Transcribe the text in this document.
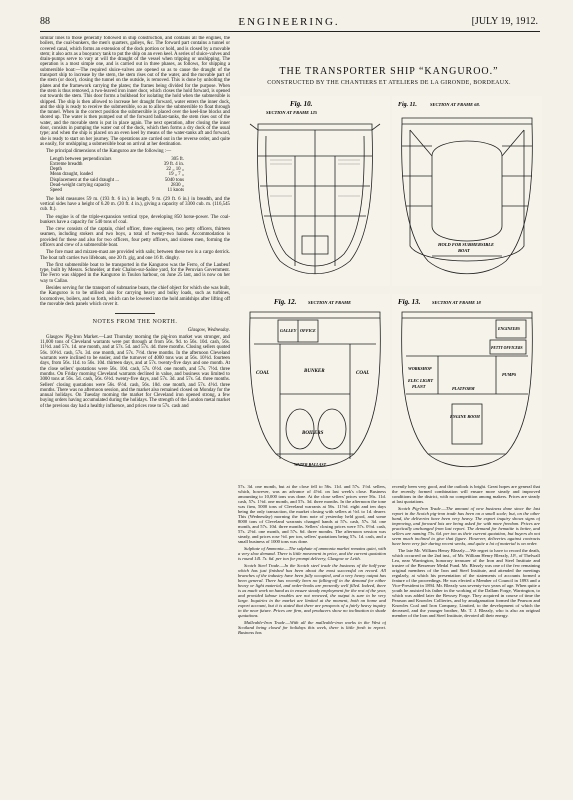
88	ENGINEERING.	[JULY 19, 1912.

similar lines to those generally followed in ship construction, and contains all the engines, the boilers, the coal-bunkers, the men's quarters, galleys, &c. The forward part contains a tunnel or covered canal, which forms an extension of the dock portion or hold, and is closed by a movable stem; it also acts as a buoyancy tank to put the ship on an even keel. A series of sluice-valves and drain-pumps serve to vary at will the draught of the vessel when tripping or unshipping. The operation is a most simple one, and is carried out in three phases, as follows, for shipping a submersible boat:—The required sluice-valves are opened so as to cause the draught of the transport ship to increase by the stern, the stem rises out of the water, and the movable part of the stem (or door), closing the tunnel on the outside, is removed. This is done by unbolting the plates and the framework carrying the plates; the frames being divided for the purpose. When the stem is thus removed, a two-leaved iron inner door, which closes the hold forward, is opened out towards the stem. This door forms a bulkhead for isolating the hold when the submersible is shipped. The ship is then allowed to increase her draught forward, water enters the inner dock, and the ship is ready to receive the submersible, so as to allow the submersible to float through the tunnel. When in the correct position the submersible is placed over the keel-line blocks and shored up. The water is then pumped out of the forward ballast-tanks, the stem rises out of the water, and the movable stem is put in place again. The next operation, after closing the inner door, consists in pumping the water out of the dock, which then forms a dry dock of the usual type; and when the ship is placed on an even keel by means of the water-tanks aft and forward, she is ready to start on her journey. The operations are carried out in the reverse order, and quite as easily, for unshipping a submersible boat on arrival at her destination.

The principal dimensions of the Kanguroo are the following :—

Length between perpendiculars	305 ft.
Extreme breadth	39 ft. 4 in.
Depth	22 „ 10 „
Mean draught, loaded	19 „ 7 „
Displacement at the said draught ...	5040 tons
Dead-weight carrying capacity	2830 „
Speed	11 knots

The hold measures 59 m. (193 ft. 6 in.) in length, 9 m. (29 ft. 6 in.) in breadth, and the vertical sides have a height of 6.20 m. (20 ft. 4 in.), giving a capacity of 3300 cub. m. (116,545 cub. ft.).

The engine is of the triple-expansion vertical type, developing 850 horse-power. The coal-bunkers have a capacity for 540 tons of coal.

The crew consists of the captain, chief officer, three engineers, two petty officers, thirteen seamen, including stokers and two boys, a total of twenty-two hands. Accommodation is provided for these and also for two officers, four petty officers, and sixteen men, forming the officers and crew of a submersible boat.

The fore mast and mizzen-mast are provided with sails; between these two is a cargo derrick. The boat raft carries two lifeboats, one 20 ft. gig, and one 16 ft. dinghy.

The first submersible boat to be transported in the Kanguroo was the Ferro, of the Laubeuf type, built by Messrs. Schneider, at their Chalon-sur-Saône yard, for the Peruvian Government. The Ferro was shipped in the Kanguroo in Toulon harbour, on June 25 last, and is now on her way to Callao.

Besides serving for the transport of submarine boats, the chief object for which she was built, the Kanguroo is to be utilised also for carrying heavy and bulky loads, such as turbines, locomotives, boilers, and so forth, which can be lowered into the hold amidships after lifting off the movable deck panels which cover it.

NOTES FROM THE NORTH.

Glasgow, Wednesday.

Glasgow Pig-Iron Market.—Last Thursday morning the pig-iron market was stronger, and 11,000 tons of Cleveland warrants were put through at from 56s. 9d. to 56s. 10d. cash, 56s. 11½d. and 57s. 1d. one month, and at 57s. 5d. and 57s. 4d. three months. Closing sellers quoted 56s. 10½d. cash, 57s. 3d. one month, and 57s. 7½d. three months. In the afternoon Cleveland warrants were inclined to be easier, and the turnover of 4000 tons was at 56s. 10½d. fourteen days, from 56s. 11d. to 56s. 10d. thirteen days, and at 57s. twenty-five days and one month. At the close sellers' quotations were 56s. 10d. cash, 57s. 0½d. one month, and 57s. 7½d. three months. On Friday morning Cleveland warrants declined in value, and business was limited to 3000 tons at 56s. 5d. cash, 56s. 6½d. twenty-five days, and 57s. 3d. and 57s. 5d. three months. Sellers' closing quotations were 56s. 6½d. cash, 56s. 10d. one month, and 57s. 4½d. three months. There was no afternoon session, and the market also remained closed on Monday for the annual holidays. On Tuesday morning the market for Cleveland iron opened strong, a few buying orders having accumulated during the holidays. The strength of the London metal market of the previous day had a healthy influence, and prices rose to 57s. cash and

THE TRANSPORTER SHIP “KANGUROO.”
CONSTRUCTED BY THE CHANTIERS ET ATELIERS DE LA GIRONDE, BORDEAUX.
Fig. 10.
SECTION AT FRAME 125
Fig. 11.	SECTION AT FRAME 68.
HOLD FOR SUBMERSIBLE
BOAT
Fig. 12.	SECTION AT FRAME
GALLEY OFFICE
COAL	BUNKER	COAL
BOILERS
WATER BALLAST
Fig. 13.	SECTION AT FRAME 18
ENGINEERS
PETTY OFFICERS
WORKSHOP
ELEC LIGHT
PLANT	PLATFORM
PUMPS
ENGINE ROOM

57s. 3d. one month, but at the close fell to 56s. 11d. and 57s. 1½d. sellers, which, however, was an advance of 4½d. on last week's close. Business amounting to 10,000 tons was done. At the close sellers' prices were 56s. 11d. cash, 57s. 1½d. one month, and 57s. 3d. three months. In the afternoon the tone was firm, 5000 tons of Cleveland warrants at 56s. 11½d. eight and ten days being the only transaction, the market closing with sellers at ½d. to 1d. dearer. This (Wednesday) morning the firm note of yesterday held good, and some 8000 tons of Cleveland warrants changed hands at 57s. cash, 57s. 3d. one month, and 57s. 10d. three months. Sellers' closing prices were 57s. 0½d. cash, 57s. 2½d. one month, and 57s. 6d. three months. The afternoon session was steady, and prices rose ½d. per ton, sellers' quotations being 57s. 1d. cash, and a small business of 1000 tons was done.

Sulphate of Ammonia.—The sulphate of ammonia market remains quiet, with a very slow demand. There is little movement in price, and the current quotation is round 14l. 7s. 6d. per ton for prompt delivery, Glasgow or Leith.

Scotch Steel Trade.—In the Scotch steel trade the business of the half-year which has just finished has been about the most successful on record. All branches of the industry have been fully occupied, and a very heavy output has been general. There has recently been no falling-off in the demand for either heavy or light material, and order-books are presently well filled. Indeed, there is as much work on hand as to ensure steady employment for the rest of the year, and provided labour troubles are not renewed, the output is sure to be very large. Inquiries in the market are limited at the moment, both on home and export account, but it is stated that there are prospects of a fairly heavy inquiry in the near future. Prices are firm, and producers show no inclination to shade quotations.

Malleable-Iron Trade.—With all the malleable-iron works in the West of Scotland being closed for holidays this week, there is little fresh to report. Business has

recently been very good, and the outlook is bright. Great hopes are general that the recently formed combination will ensure more steady and improved conditions in the district, with no competition among makers. Prices are steady at last quotations.

Scotch Pig-Iron Trade.—The amount of new business done since the last report in the Scotch pig-iron trade has been on a small scale; but, on the other hand, the deliveries have been very heavy. The export inquiry shows signs of improving, and forward lots are being asked for with more freedom. Prices are practically unchanged from last report. The demand for hematite is better, and sellers are naming 73s. 6d. per ton as their current quotation, but buyers do not seem much inclined to give that figure. However, deliveries against contracts have been very fair during recent weeks, and quite a lot of material is on order.

The late Mr. William Henry Blezzly.—We regret to have to record the death, which occurred on the 2nd inst., of Mr. William Henry Blezzly, J.P., of Thelwall Lea, near Warrington, honorary treasurer of the Iron and Steel Institute and trustee of the Bessemer Medal Fund. Mr. Blezzly was one of the few remaining original members of the Iron and Steel Institute, and attended the meetings regularly, at which his presentation of the statements of accounts formed a feature of the proceedings. He was elected a Member of Council in 1893 and a Vice-President in 1894. Mr. Blezzly was seventy-two years of age. When quite a youth he assisted his father in the working of the Dallam Forge, Warrington, to which was added later the Bewsey Forge. They acquired in course of time the Pearson and Knowles Collieries, and by amalgamation formed the Pearson and Knowles Coal and Iron Company, Limited, to the development of which the deceased, and the younger brother, Mr. T. J. Blezzly, who is also an original member of the Iron and Steel Institute, devoted all their energy.
